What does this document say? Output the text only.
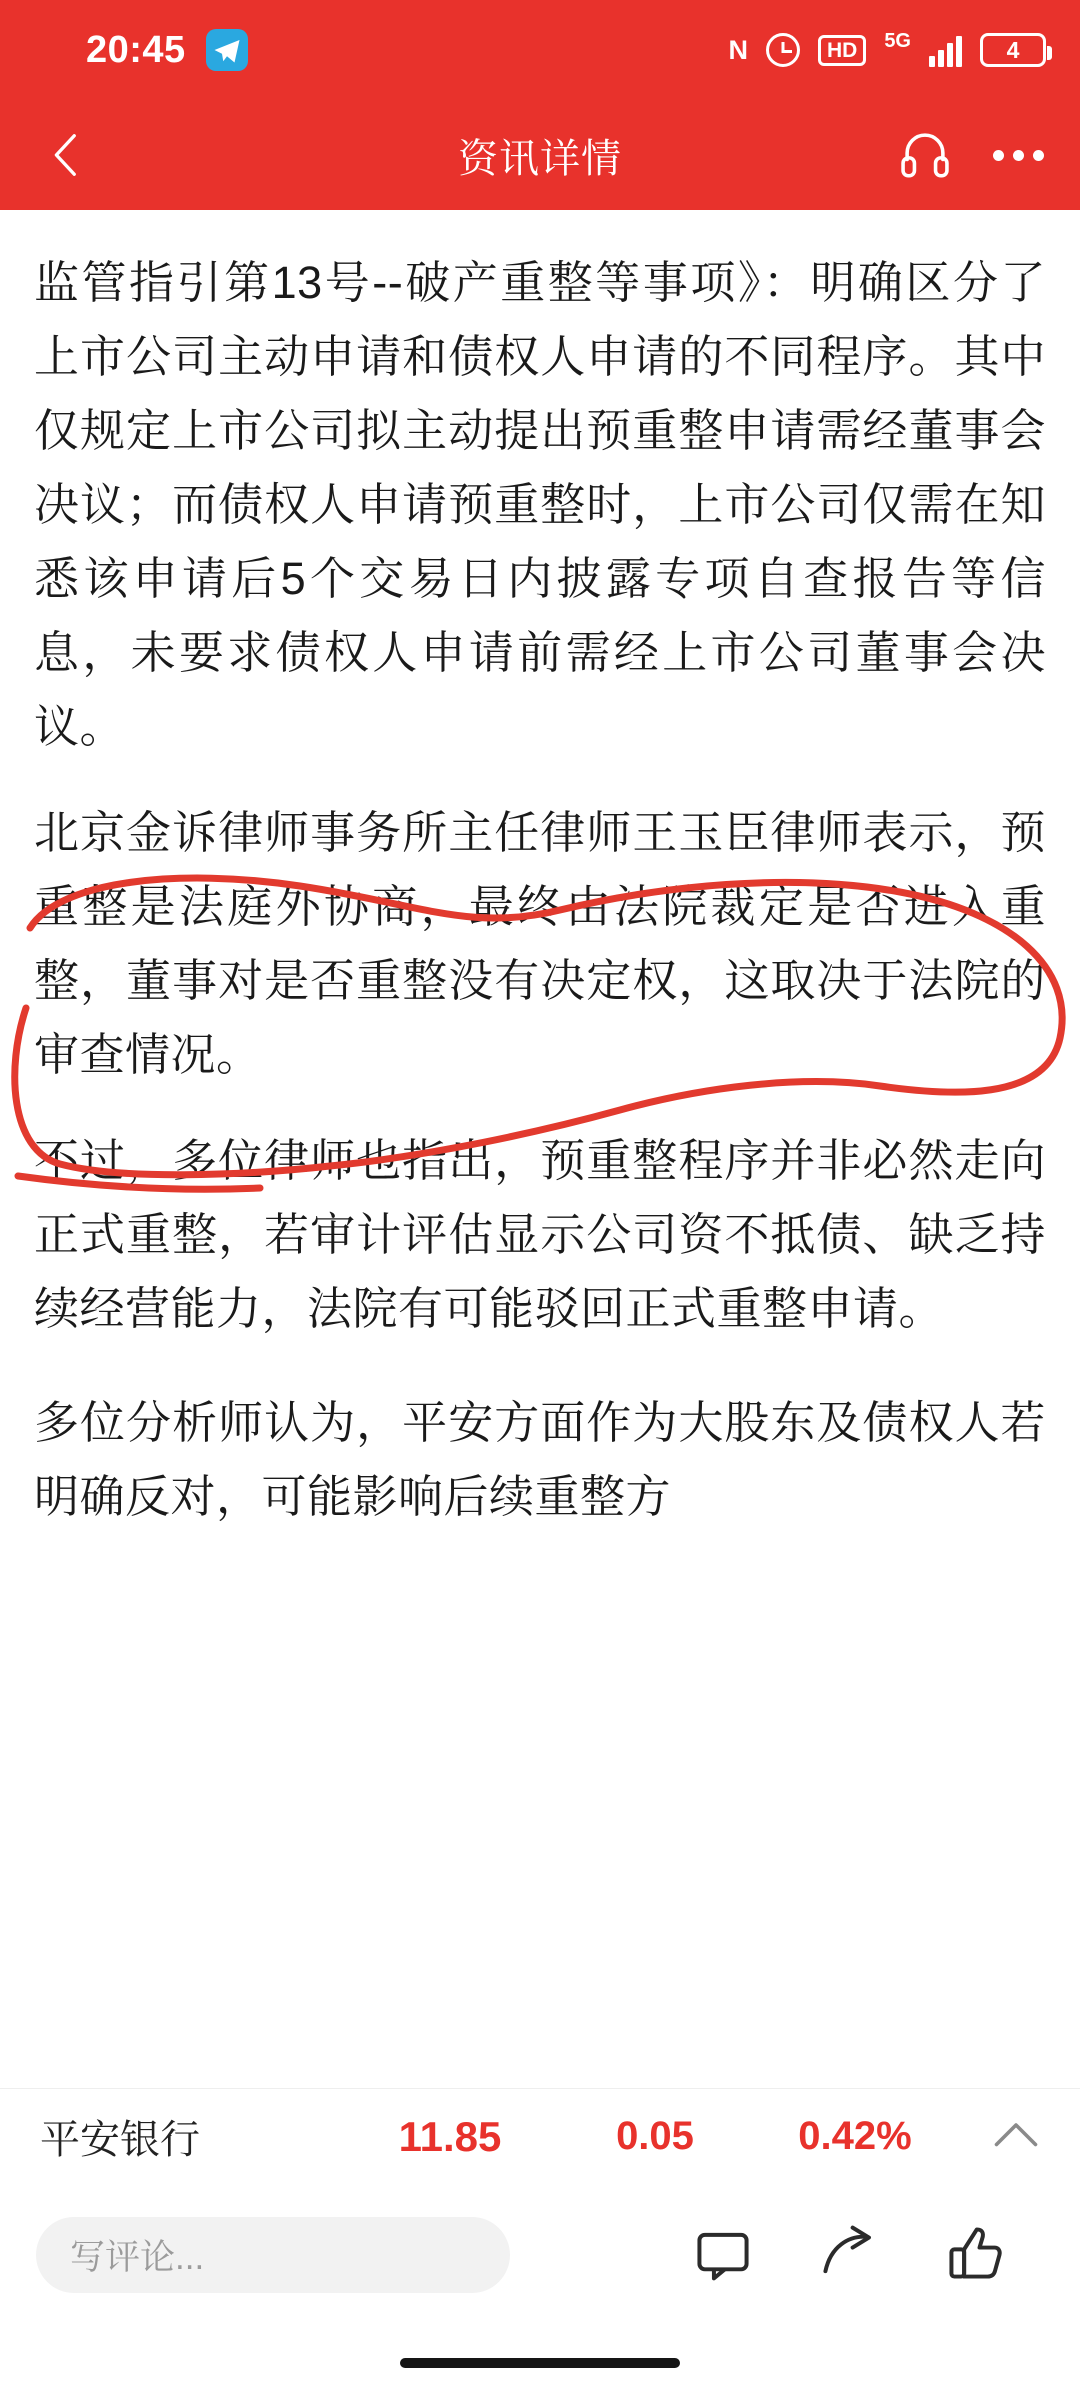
20:45	N	HD	5G	4
资讯详情

监管指引第13号--破产重整等事项》：明确区分了上市公司主动申请和债权人申请的不同程序。其中仅规定上市公司拟主动提出预重整申请需经董事会决议；而债权人申请预重整时，上市公司仅需在知悉该申请后5个交易日内披露专项自查报告等信息，未要求债权人申请前需经上市公司董事会决议。

北京金诉律师事务所主任律师王玉臣律师表示，预重整是法庭外协商，最终由法院裁定是否进入重整，董事对是否重整没有决定权，这取决于法院的审查情况。

不过，多位律师也指出，预重整程序并非必然走向正式重整，若审计评估显示公司资不抵债、缺乏持续经营能力，法院有可能驳回正式重整申请。

多位分析师认为，平安方面作为大股东及债权人若明确反对，可能影响后续重整方

平安银行	11.85	0.05	0.42%
写评论...
